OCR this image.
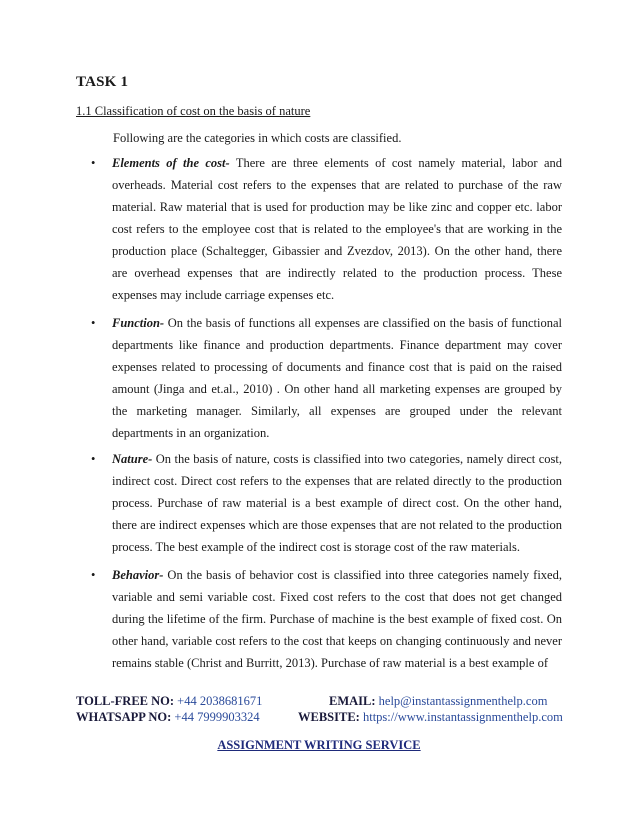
TASK 1
1.1 Classification of cost on the basis of nature
Following are the categories in which costs are classified.
• Elements of the cost- There are three elements of cost namely material, labor and overheads. Material cost refers to the expenses that are related to purchase of the raw material. Raw material that is used for production may be like zinc and copper etc. labor cost refers to the employee cost that is related to the employee's that are working in the production place (Schaltegger, Gibassier and Zvezdov, 2013). On the other hand, there are overhead expenses that are indirectly related to the production process. These expenses may include carriage expenses etc.

• Function- On the basis of functions all expenses are classified on the basis of functional departments like finance and production departments. Finance department may cover expenses related to processing of documents and finance cost that is paid on the raised amount (Jinga and et.al., 2010) . On other hand all marketing expenses are grouped by the marketing manager. Similarly, all expenses are grouped under the relevant departments in an organization.

• Nature- On the basis of nature, costs is classified into two categories, namely direct cost, indirect cost. Direct cost refers to the expenses that are related directly to the production process. Purchase of raw material is a best example of direct cost. On the other hand, there are indirect expenses which are those expenses that are not related to the production process. The best example of the indirect cost is storage cost of the raw materials.

• Behavior- On the basis of behavior cost is classified into three categories namely fixed, variable and semi variable cost. Fixed cost refers to the cost that does not get changed during the lifetime of the firm. Purchase of machine is the best example of fixed cost. On other hand, variable cost refers to the cost that keeps on changing continuously and never remains stable (Christ and Burritt, 2013). Purchase of raw material is a best example of

TOLL-FREE NO: +44 2038681671	EMAIL: help@instantassignmenthelp.com
WHATSAPP NO: +44 7999903324	WEBSITE: https://www.instantassignmenthelp.com
ASSIGNMENT WRITING SERVICE
